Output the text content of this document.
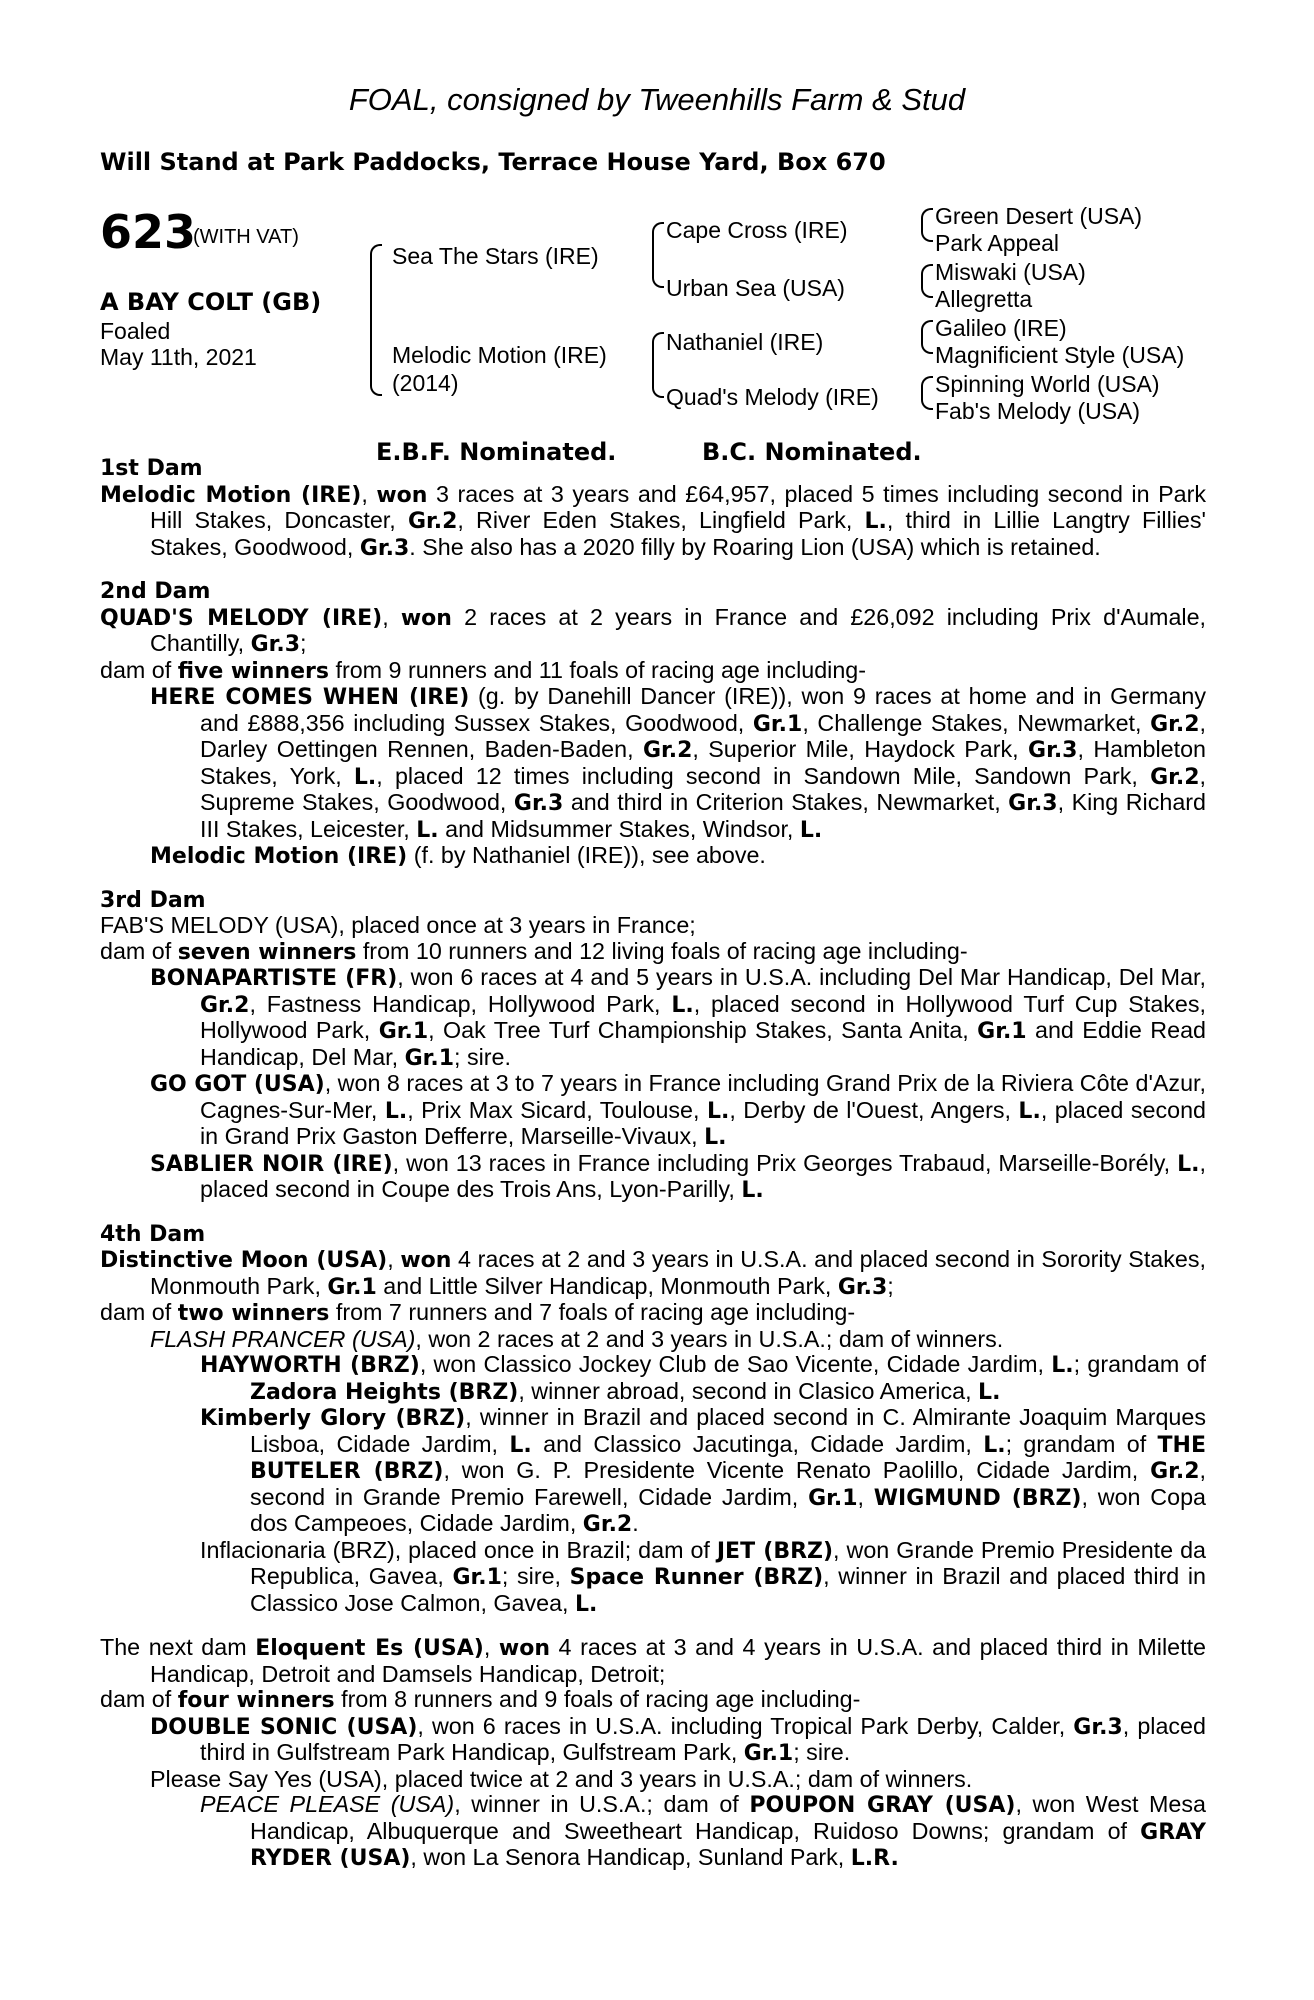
FOAL, consigned by Tweenhills Farm & Stud
Will Stand at Park Paddocks, Terrace House Yard, Box 670
623
(WITH VAT)
A BAY COLT (GB)
Foaled
May 11th, 2021
Sea The Stars (IRE)
Melodic Motion (IRE)
(2014)
Cape Cross (IRE)
Urban Sea (USA)
Nathaniel (IRE)
Quad's Melody (IRE)
Green Desert (USA)
Park Appeal
Miswaki (USA)
Allegretta
Galileo (IRE)
Magnificient Style (USA)
Spinning World (USA)
Fab's Melody (USA)
E.B.F. Nominated.	B.C. Nominated.
1st Dam

Melodic Motion (IRE), won 3 races at 3 years and £64,957, placed 5 times including second in Park Hill Stakes, Doncaster, Gr.2, River Eden Stakes, Lingfield Park, L., third in Lillie Langtry Fillies' Stakes, Goodwood, Gr.3. She also has a 2020 filly by Roaring Lion (USA) which is retained.

2nd Dam

QUAD'S MELODY (IRE), won 2 races at 2 years in France and £26,092 including Prix d'Aumale, Chantilly, Gr.3;

dam of five winners from 9 runners and 11 foals of racing age including-

HERE COMES WHEN (IRE) (g. by Danehill Dancer (IRE)), won 9 races at home and in Germany and £888,356 including Sussex Stakes, Goodwood, Gr.1, Challenge Stakes, Newmarket, Gr.2, Darley Oettingen Rennen, Baden-Baden, Gr.2, Superior Mile, Haydock Park, Gr.3, Hambleton Stakes, York, L., placed 12 times including second in Sandown Mile, Sandown Park, Gr.2, Supreme Stakes, Goodwood, Gr.3 and third in Criterion Stakes, Newmarket, Gr.3, King Richard III Stakes, Leicester, L. and Midsummer Stakes, Windsor, L.

Melodic Motion (IRE) (f. by Nathaniel (IRE)), see above.

3rd Dam

FAB'S MELODY (USA), placed once at 3 years in France;

dam of seven winners from 10 runners and 12 living foals of racing age including-

BONAPARTISTE (FR), won 6 races at 4 and 5 years in U.S.A. including Del Mar Handicap, Del Mar, Gr.2, Fastness Handicap, Hollywood Park, L., placed second in Hollywood Turf Cup Stakes, Hollywood Park, Gr.1, Oak Tree Turf Championship Stakes, Santa Anita, Gr.1 and Eddie Read Handicap, Del Mar, Gr.1; sire.

GO GOT (USA), won 8 races at 3 to 7 years in France including Grand Prix de la Riviera Côte d'Azur, Cagnes-Sur-Mer, L., Prix Max Sicard, Toulouse, L., Derby de l'Ouest, Angers, L., placed second in Grand Prix Gaston Defferre, Marseille-Vivaux, L.

SABLIER NOIR (IRE), won 13 races in France including Prix Georges Trabaud, Marseille-Borély, L., placed second in Coupe des Trois Ans, Lyon-Parilly, L.

4th Dam

Distinctive Moon (USA), won 4 races at 2 and 3 years in U.S.A. and placed second in Sorority Stakes, Monmouth Park, Gr.1 and Little Silver Handicap, Monmouth Park, Gr.3;

dam of two winners from 7 runners and 7 foals of racing age including-

FLASH PRANCER (USA), won 2 races at 2 and 3 years in U.S.A.; dam of winners.

HAYWORTH (BRZ), won Classico Jockey Club de Sao Vicente, Cidade Jardim, L.; grandam of Zadora Heights (BRZ), winner abroad, second in Clasico America, L.

Kimberly Glory (BRZ), winner in Brazil and placed second in C. Almirante Joaquim Marques Lisboa, Cidade Jardim, L. and Classico Jacutinga, Cidade Jardim, L.; grandam of THE BUTELER (BRZ), won G. P. Presidente Vicente Renato Paolillo, Cidade Jardim, Gr.2, second in Grande Premio Farewell, Cidade Jardim, Gr.1, WIGMUND (BRZ), won Copa dos Campeoes, Cidade Jardim, Gr.2.

Inflacionaria (BRZ), placed once in Brazil; dam of JET (BRZ), won Grande Premio Presidente da Republica, Gavea, Gr.1; sire, Space Runner (BRZ), winner in Brazil and placed third in Classico Jose Calmon, Gavea, L.

The next dam Eloquent Es (USA), won 4 races at 3 and 4 years in U.S.A. and placed third in Milette Handicap, Detroit and Damsels Handicap, Detroit;

dam of four winners from 8 runners and 9 foals of racing age including-

DOUBLE SONIC (USA), won 6 races in U.S.A. including Tropical Park Derby, Calder, Gr.3, placed third in Gulfstream Park Handicap, Gulfstream Park, Gr.1; sire.

Please Say Yes (USA), placed twice at 2 and 3 years in U.S.A.; dam of winners.

PEACE PLEASE (USA), winner in U.S.A.; dam of POUPON GRAY (USA), won West Mesa Handicap, Albuquerque and Sweetheart Handicap, Ruidoso Downs; grandam of GRAY RYDER (USA), won La Senora Handicap, Sunland Park, L.R.
